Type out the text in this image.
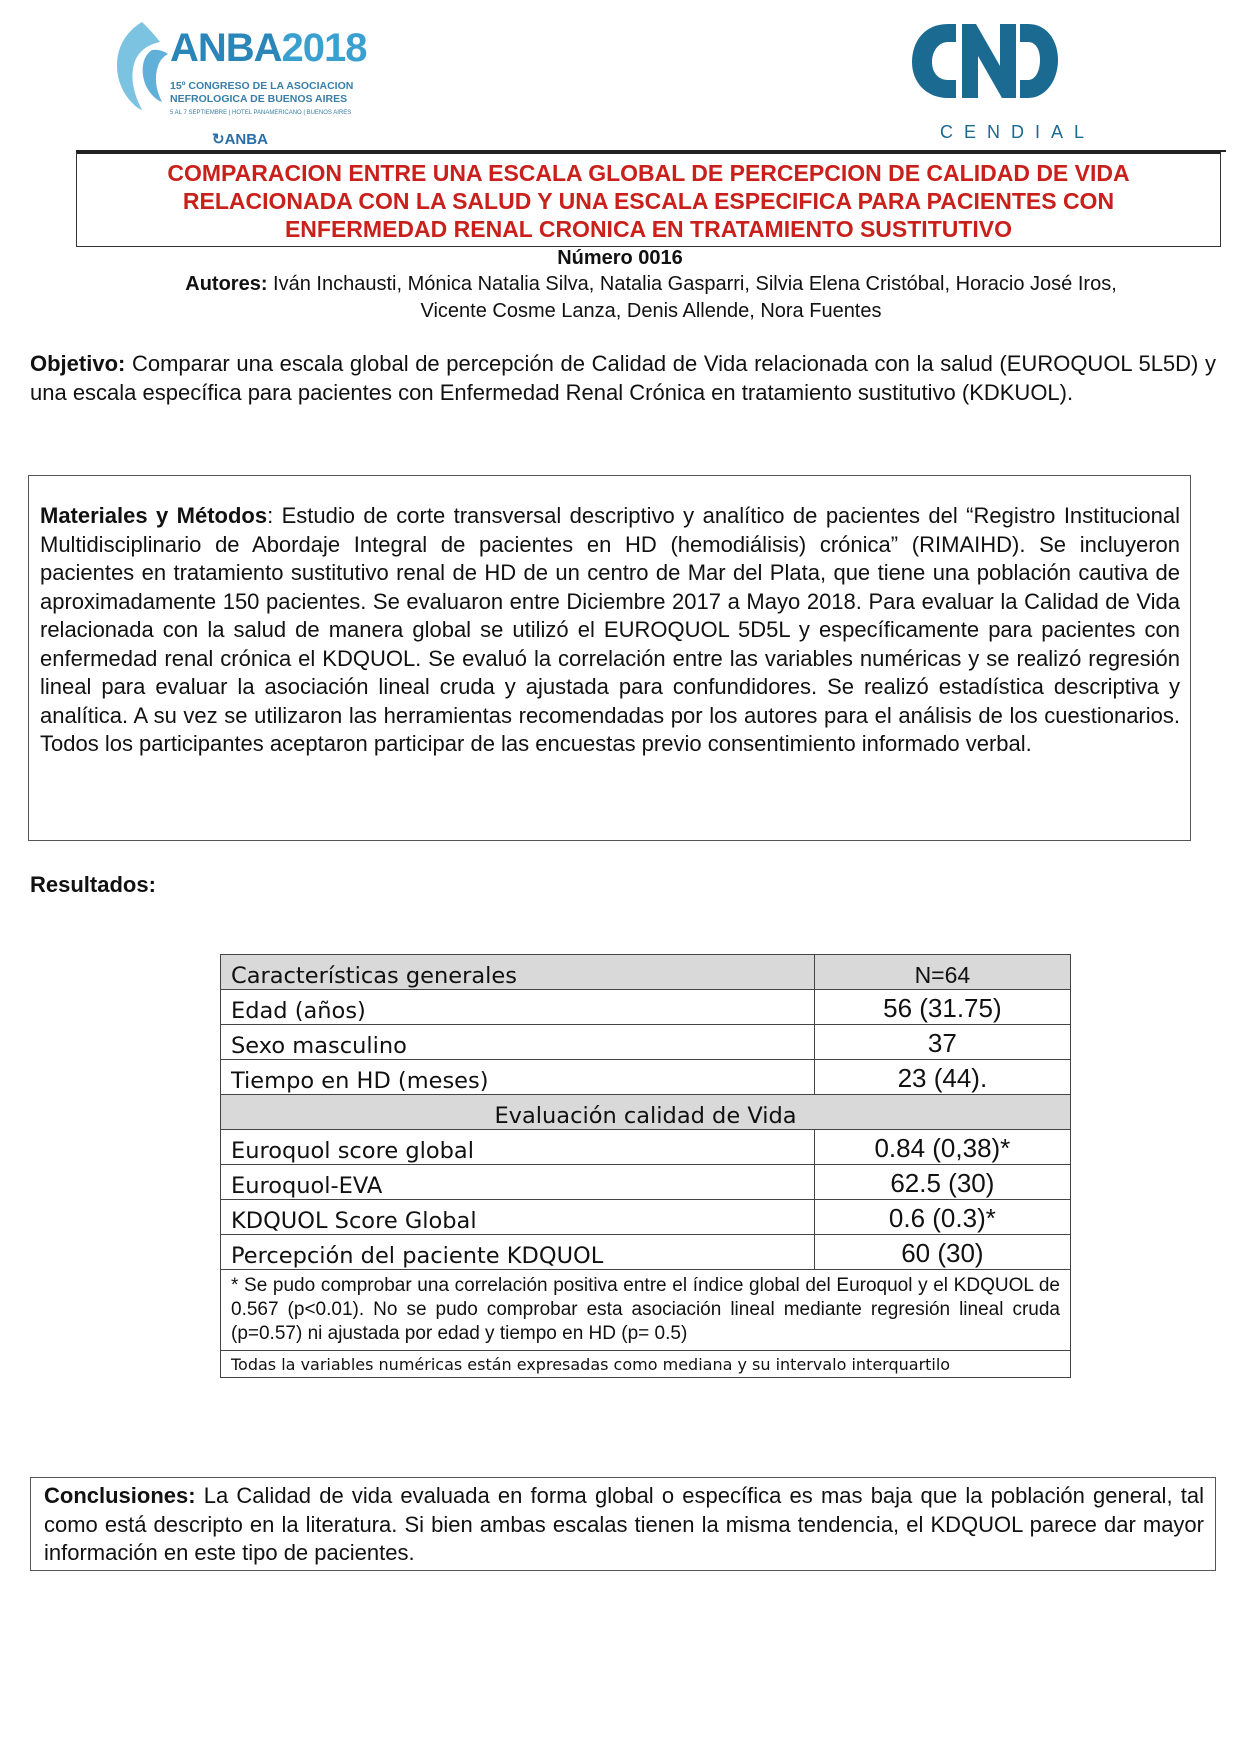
ANBA2018
15º CONGRESO DE LA ASOCIACION
NEFROLOGICA DE BUENOS AIRES
5 AL 7 SEPTIEMBRE | HOTEL PANAMERICANO | BUENOS AIRES
↻ANBA	CENDIAL
COMPARACION ENTRE UNA ESCALA GLOBAL DE PERCEPCION DE CALIDAD DE VIDA
RELACIONADA CON LA SALUD Y UNA ESCALA ESPECIFICA PARA PACIENTES CON
ENFERMEDAD RENAL CRONICA EN TRATAMIENTO SUSTITUTIVO
Número 0016
Autores: Iván Inchausti, Mónica Natalia Silva, Natalia Gasparri, Silvia Elena Cristóbal, Horacio José Iros,
Vicente Cosme Lanza, Denis Allende, Nora Fuentes
Objetivo: Comparar una escala global de percepción de Calidad de Vida relacionada con la salud (EUROQUOL 5L5D) y una escala específica para pacientes con Enfermedad Renal Crónica en tratamiento sustitutivo (KDKUOL).
Materiales y Métodos: Estudio de corte transversal descriptivo y analítico de pacientes del “Registro Institucional Multidisciplinario de Abordaje Integral de pacientes en HD (hemodiálisis) crónica” (RIMAIHD). Se incluyeron pacientes en tratamiento sustitutivo renal de HD de un centro de Mar del Plata, que tiene una población cautiva de aproximadamente 150 pacientes. Se evaluaron entre Diciembre 2017 a Mayo 2018. Para evaluar la Calidad de Vida relacionada con la salud de manera global se utilizó el EUROQUOL 5D5L y específicamente para pacientes con enfermedad renal crónica el KDQUOL. Se evaluó la correlación entre las variables numéricas y se realizó regresión lineal para evaluar la asociación lineal cruda y ajustada para confundidores. Se realizó estadística descriptiva y analítica. A su vez se utilizaron las herramientas recomendadas por los autores para el análisis de los cuestionarios. Todos los participantes aceptaron participar de las encuestas previo consentimiento informado verbal.
Resultados:
Características generales	N=64
Edad (años)	56 (31.75)
Sexo masculino	37
Tiempo en HD (meses)	23 (44).
Evaluación calidad de Vida	
Euroquol score global	0.84 (0,38)*
Euroquol-EVA	62.5 (30)
KDQUOL Score Global	0.6 (0.3)*
Percepción del paciente KDQUOL	60 (30)
* Se pudo comprobar una correlación positiva entre el índice global del Euroquol y el KDQUOL de 0.567 (p<0.01). No se pudo comprobar esta asociación lineal mediante regresión lineal cruda (p=0.57) ni ajustada por edad y tiempo en HD (p= 0.5)	
Todas la variables numéricas están expresadas como mediana y su intervalo interquartilo	
Conclusiones: La Calidad de vida evaluada en forma global o específica es mas baja que la población general, tal como está descripto en la literatura. Si bien ambas escalas tienen la misma tendencia, el KDQUOL parece dar mayor información en este tipo de pacientes.
